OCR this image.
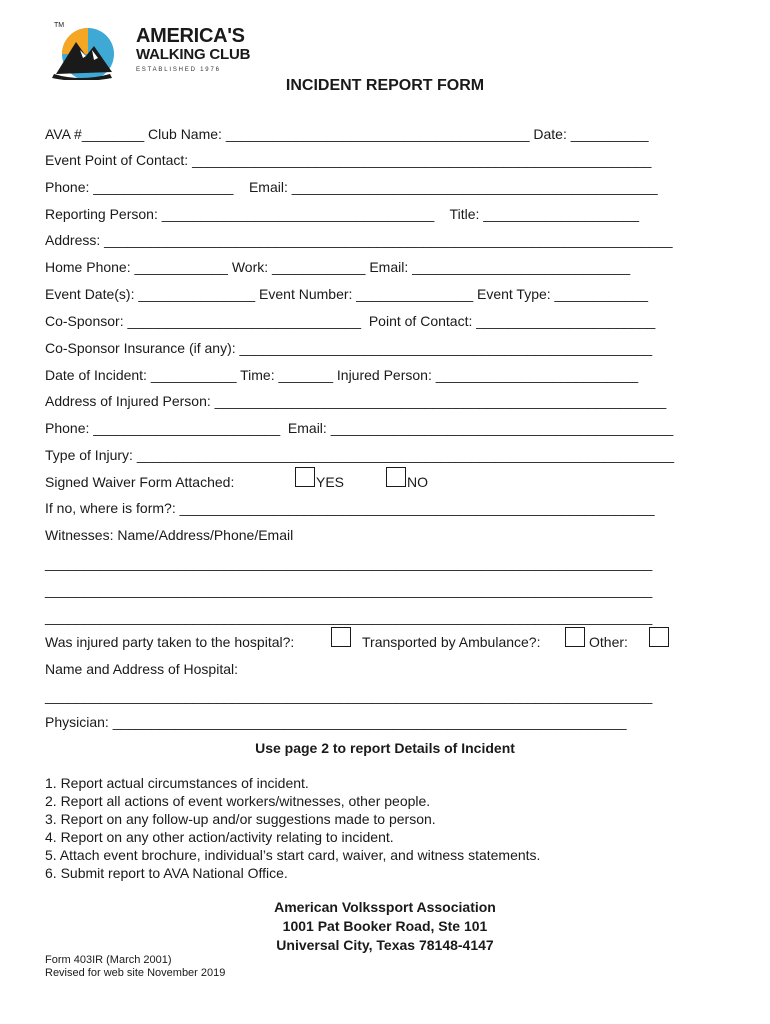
TM	AMERICA'S
WALKING CLUB
ESTABLISHED 1976
INCIDENT REPORT FORM
AVA #________ Club Name: _______________________________________ Date: __________
Event Point of Contact: ___________________________________________________________
Phone: __________________    Email: _______________________________________________
Reporting Person: ___________________________________    Title: ____________________
Address: _________________________________________________________________________
Home Phone: ____________ Work: ____________ Email: ____________________________
Event Date(s): _______________ Event Number: _______________ Event Type: ____________
Co-Sponsor: ______________________________  Point of Contact: _______________________
Co-Sponsor Insurance (if any): _____________________________________________________
Date of Incident: ___________ Time: _______ Injured Person: __________________________
Address of Injured Person: __________________________________________________________
Phone: ________________________  Email: ____________________________________________
Type of Injury: _____________________________________________________________________
Signed Waiver Form Attached:	YES	NO
If no, where is form?: _____________________________________________________________
Witnesses: Name/Address/Phone/Email
______________________________________________________________________________
______________________________________________________________________________
______________________________________________________________________________
Was injured party taken to the hospital?:	Transported by Ambulance?:	Other:
Name and Address of Hospital:
______________________________________________________________________________
Physician: __________________________________________________________________
Use page 2 to report Details of Incident
1. Report actual circumstances of incident.
2. Report all actions of event workers/witnesses, other people.
3. Report on any follow-up and/or suggestions made to person.
4. Report on any other action/activity relating to incident.
5. Attach event brochure, individual’s start card, waiver, and witness statements.
6. Submit report to AVA National Office.
American Volkssport Association
1001 Pat Booker Road, Ste 101
Universal City, Texas 78148-4147
Form 403IR (March 2001)
Revised for web site November 2019
